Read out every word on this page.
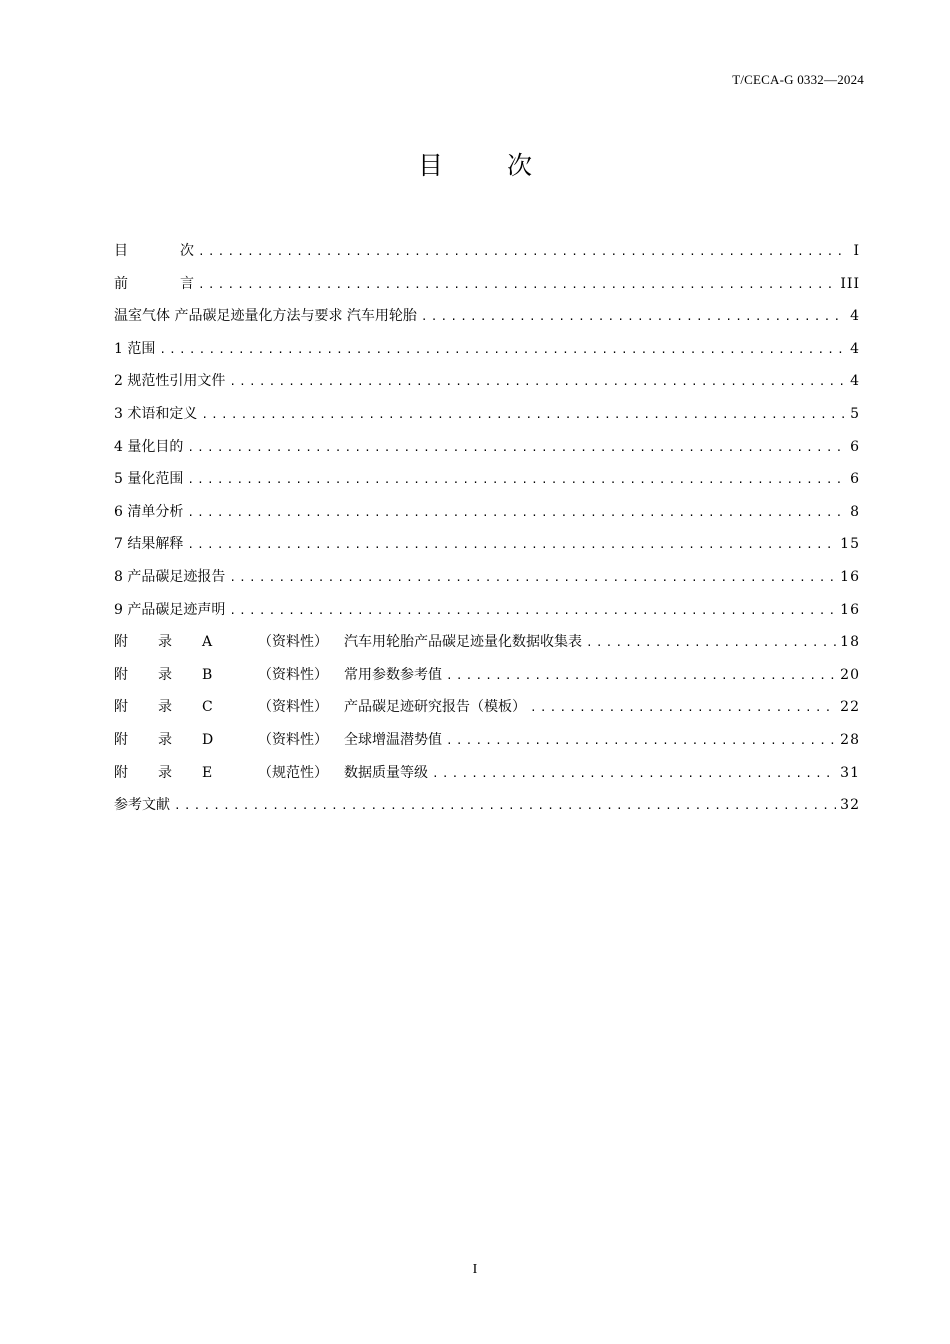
T/CECA-G 0332—2024
目	次
目	次 .....	I
前	言 .....	III
温室气体 产品碳足迹量化方法与要求 汽车用轮胎 .....	4
1 范围 .....	4
2 规范性引用文件 .....	4
3 术语和定义 .....	5
4 量化目的 .....	6
5 量化范围 .....	6
6 清单分析 .....	8
7 结果解释 .....	15
8 产品碳足迹报告 .....	16
9 产品碳足迹声明 .....	16
附 录 A	（资料性） 汽车用轮胎产品碳足迹量化数据收集表 .....	18
附 录 B	（资料性） 常用参数参考值 .....	20
附 录 C	（资料性） 产品碳足迹研究报告（模板） .....	22
附 录 D	（资料性） 全球增温潜势值 .....	28
附 录 E	（规范性） 数据质量等级 .....	31
参考文献 .....	32
I
